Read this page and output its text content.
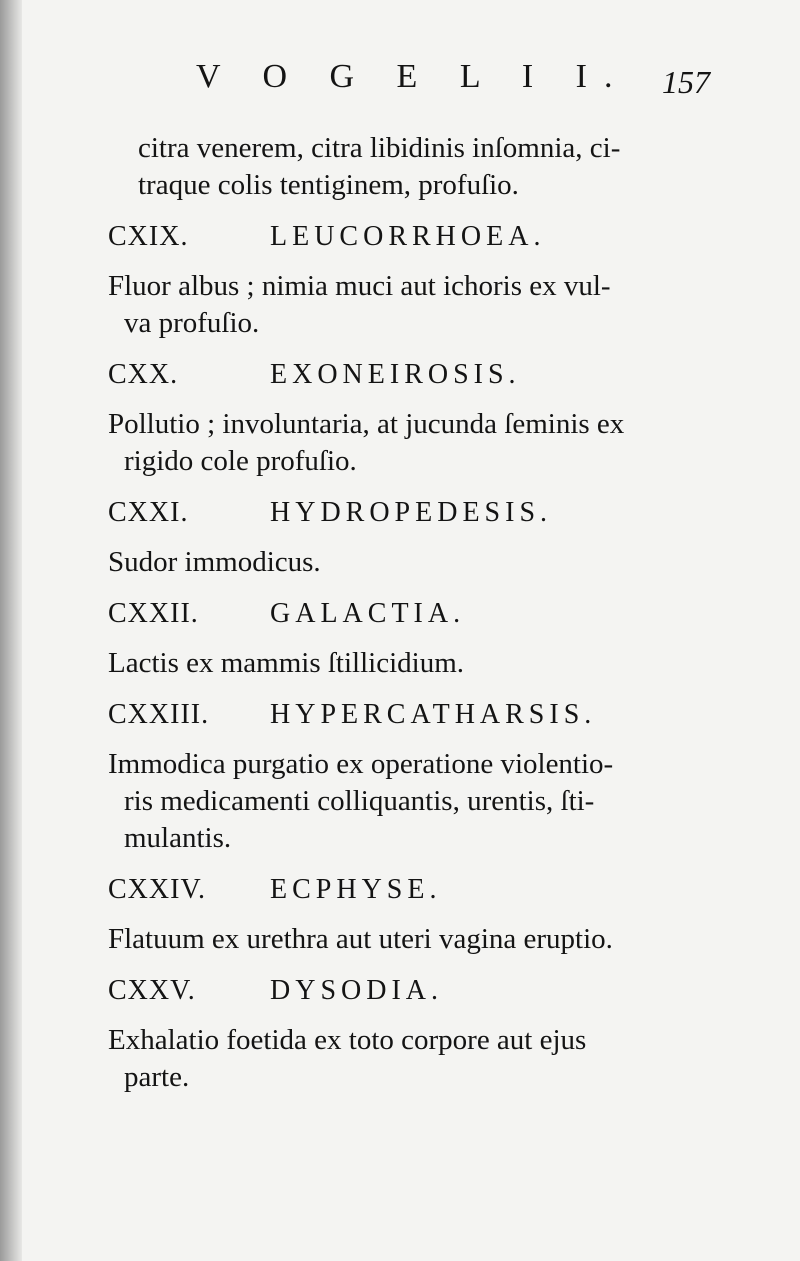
V O G E L I I. 157

citra venerem, citra libidinis inſomnia, ci-
traque colis tentiginem, profuſio.

CXIX.	LEUCORRHOEA.

Fluor albus ; nimia muci aut ichoris ex vul-
va profuſio.

CXX.	EXONEIROSIS.

Pollutio ; involuntaria, at jucunda ſeminis ex
rigido cole profuſio.

CXXI.	HYDROPEDESIS.

Sudor immodicus.

CXXII.	GALACTIA.

Lactis ex mammis ſtillicidium.

CXXIII. HYPERCATHARSIS.

Immodica purgatio ex operatione violentio-
ris medicamenti colliquantis, urentis, ſti-
mulantis.

CXXIV. ECPHYSE.

Flatuum ex urethra aut uteri vagina eruptio.

CXXV.	DYSODIA.

Exhalatio foetida ex toto corpore aut ejus
parte.
